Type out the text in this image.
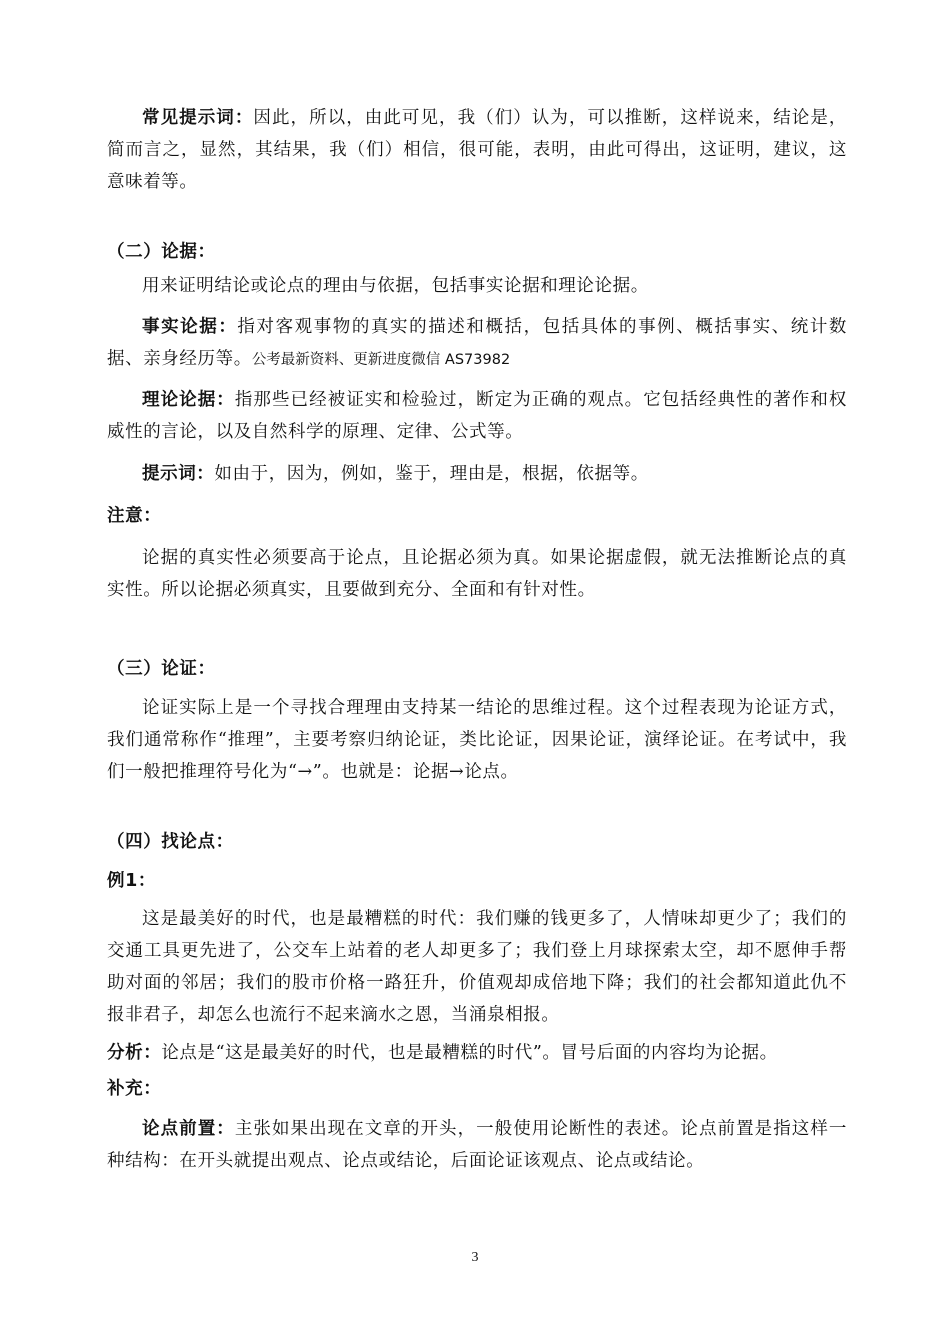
常见提示词：因此，所以，由此可见，我（们）认为，可以推断，这样说来，结论是，简而言之，显然，其结果，我（们）相信，很可能，表明，由此可得出，这证明，建议，这意味着等。

（二）论据：

用来证明结论或论点的理由与依据，包括事实论据和理论论据。

事实论据：指对客观事物的真实的描述和概括，包括具体的事例、概括事实、统计数据、亲身经历等。公考最新资料、更新进度微信 AS73982

理论论据：指那些已经被证实和检验过，断定为正确的观点。它包括经典性的著作和权威性的言论，以及自然科学的原理、定律、公式等。

提示词：如由于，因为，例如，鉴于，理由是，根据，依据等。

注意：

论据的真实性必须要高于论点，且论据必须为真。如果论据虚假，就无法推断论点的真实性。所以论据必须真实，且要做到充分、全面和有针对性。

（三）论证：

论证实际上是一个寻找合理理由支持某一结论的思维过程。这个过程表现为论证方式，我们通常称作“推理”，主要考察归纳论证，类比论证，因果论证，演绎论证。在考试中，我们一般把推理符号化为“→”。也就是：论据→论点。

（四）找论点：

例1：

这是最美好的时代，也是最糟糕的时代：我们赚的钱更多了，人情味却更少了；我们的交通工具更先进了，公交车上站着的老人却更多了；我们登上月球探索太空，却不愿伸手帮助对面的邻居；我们的股市价格一路狂升，价值观却成倍地下降；我们的社会都知道此仇不报非君子，却怎么也流行不起来滴水之恩，当涌泉相报。

分析：论点是“这是最美好的时代，也是最糟糕的时代”。冒号后面的内容均为论据。

补充：

论点前置：主张如果出现在文章的开头，一般使用论断性的表述。论点前置是指这样一种结构：在开头就提出观点、论点或结论，后面论证该观点、论点或结论。

3
